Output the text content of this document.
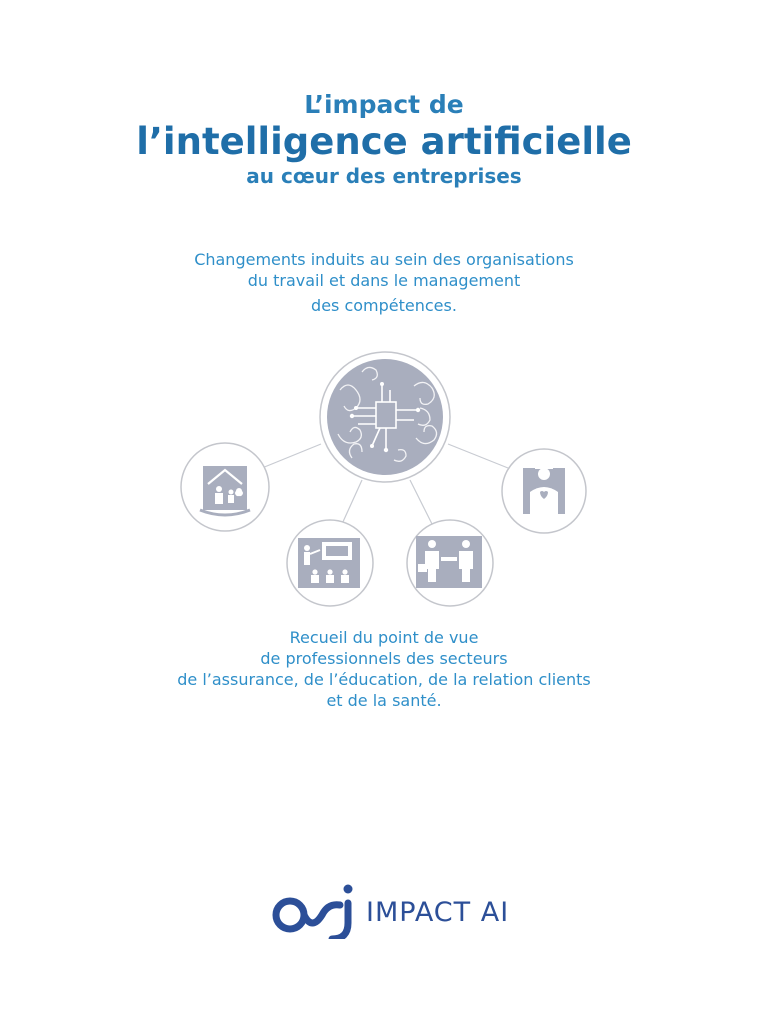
L’impact de
l’intelligence artificielle
au cœur des entreprises
Changements induits au sein des organisations
du travail et dans le management
des compétences.
Recueil du point de vue
de professionnels des secteurs
de l’assurance, de l’éducation, de la relation clients
et de la santé.
IMPACT AI
